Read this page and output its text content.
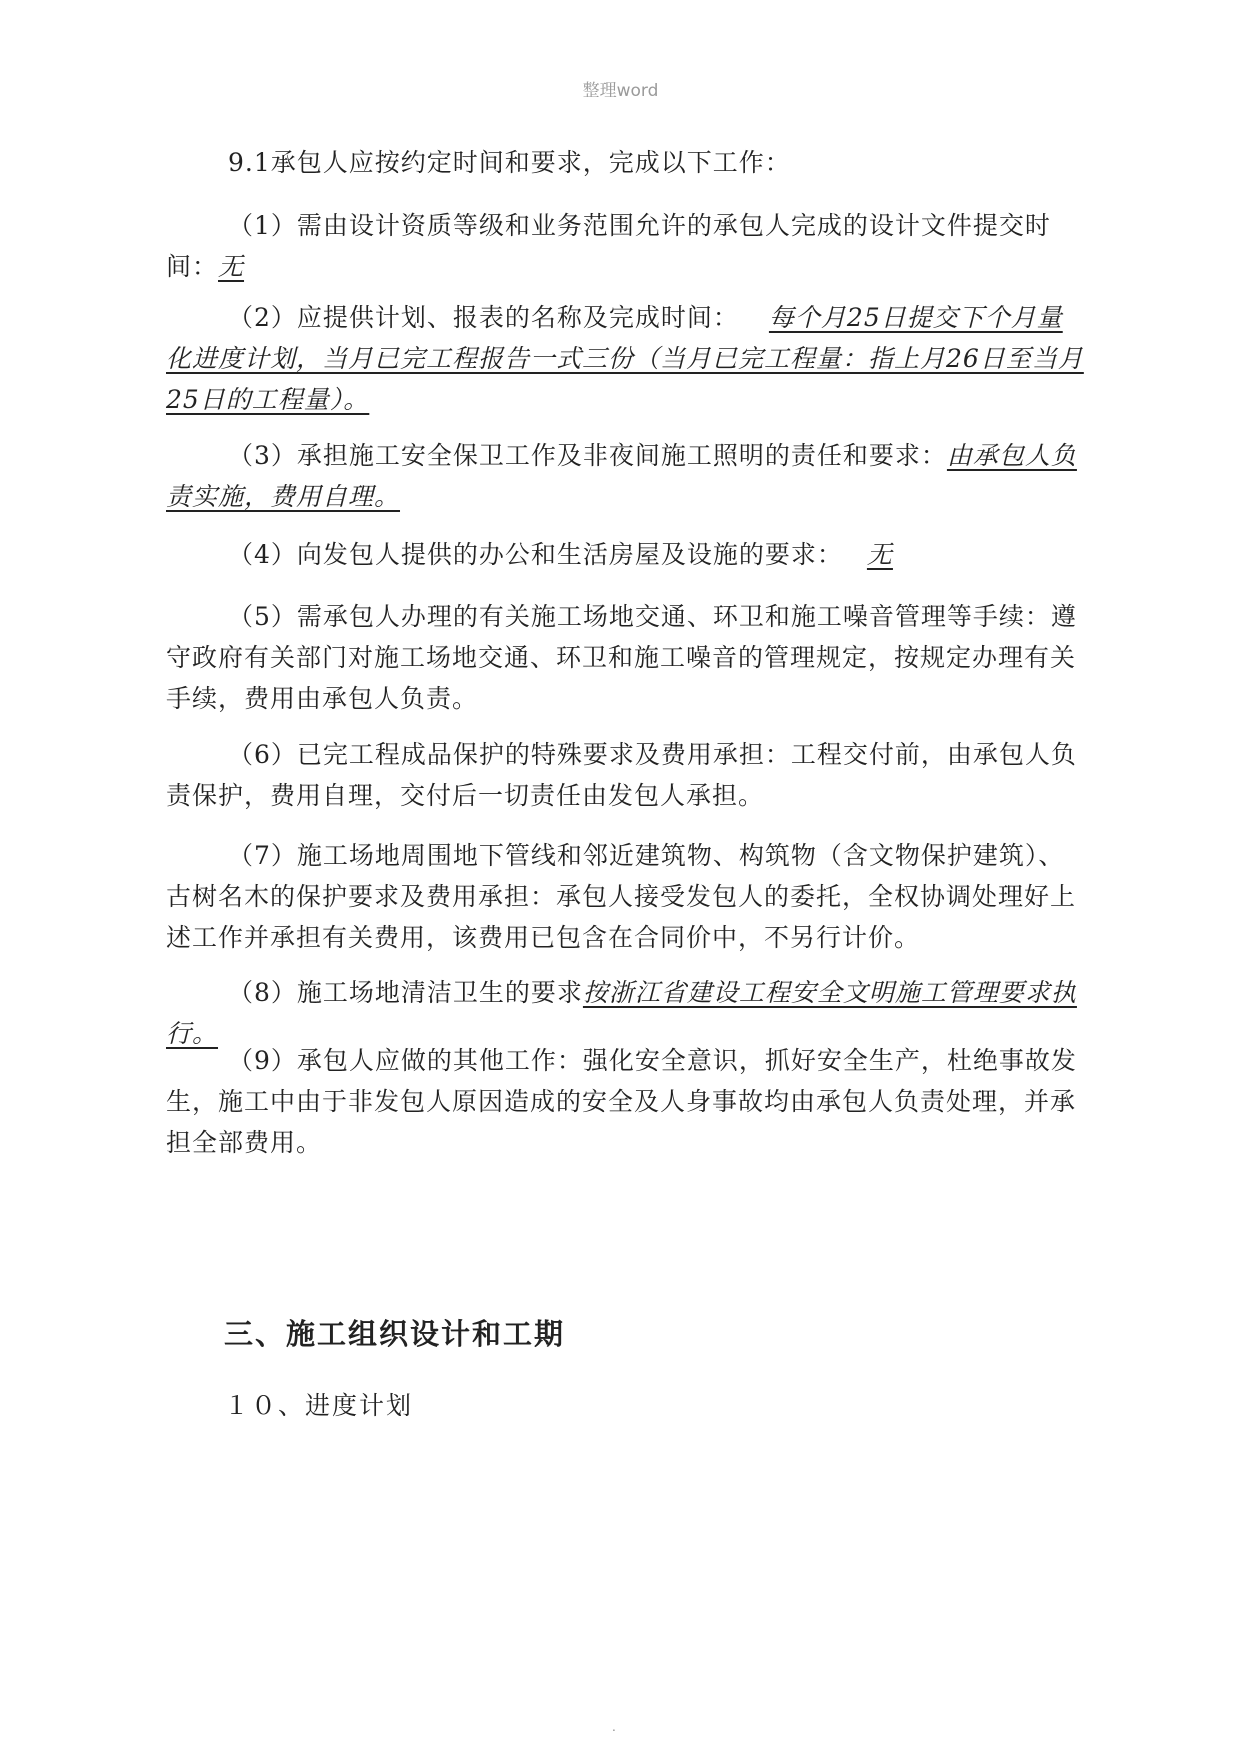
整理word

9.1承包人应按约定时间和要求，完成以下工作：

（1）需由设计资质等级和业务范围允许的承包人完成的设计文件提交时间：无

（2）应提供计划、报表的名称及完成时间： 每个月25日提交下个月量化进度计划，当月已完工程报告一式三份（当月已完工程量：指上月26日至当月25日的工程量）。

（3）承担施工安全保卫工作及非夜间施工照明的责任和要求：由承包人负责实施，费用自理。

（4）向发包人提供的办公和生活房屋及设施的要求： 无

（5）需承包人办理的有关施工场地交通、环卫和施工噪音管理等手续：遵守政府有关部门对施工场地交通、环卫和施工噪音的管理规定，按规定办理有关手续，费用由承包人负责。

（6）已完工程成品保护的特殊要求及费用承担：工程交付前，由承包人负责保护，费用自理，交付后一切责任由发包人承担。

（7）施工场地周围地下管线和邻近建筑物、构筑物（含文物保护建筑）、古树名木的保护要求及费用承担：承包人接受发包人的委托，全权协调处理好上述工作并承担有关费用，该费用已包含在合同价中，不另行计价。

（8）施工场地清洁卫生的要求按浙江省建设工程安全文明施工管理要求执行。

（9）承包人应做的其他工作：强化安全意识，抓好安全生产，杜绝事故发生，施工中由于非发包人原因造成的安全及人身事故均由承包人负责处理，并承担全部费用。

三、施工组织设计和工期
１０、进度计划
.
